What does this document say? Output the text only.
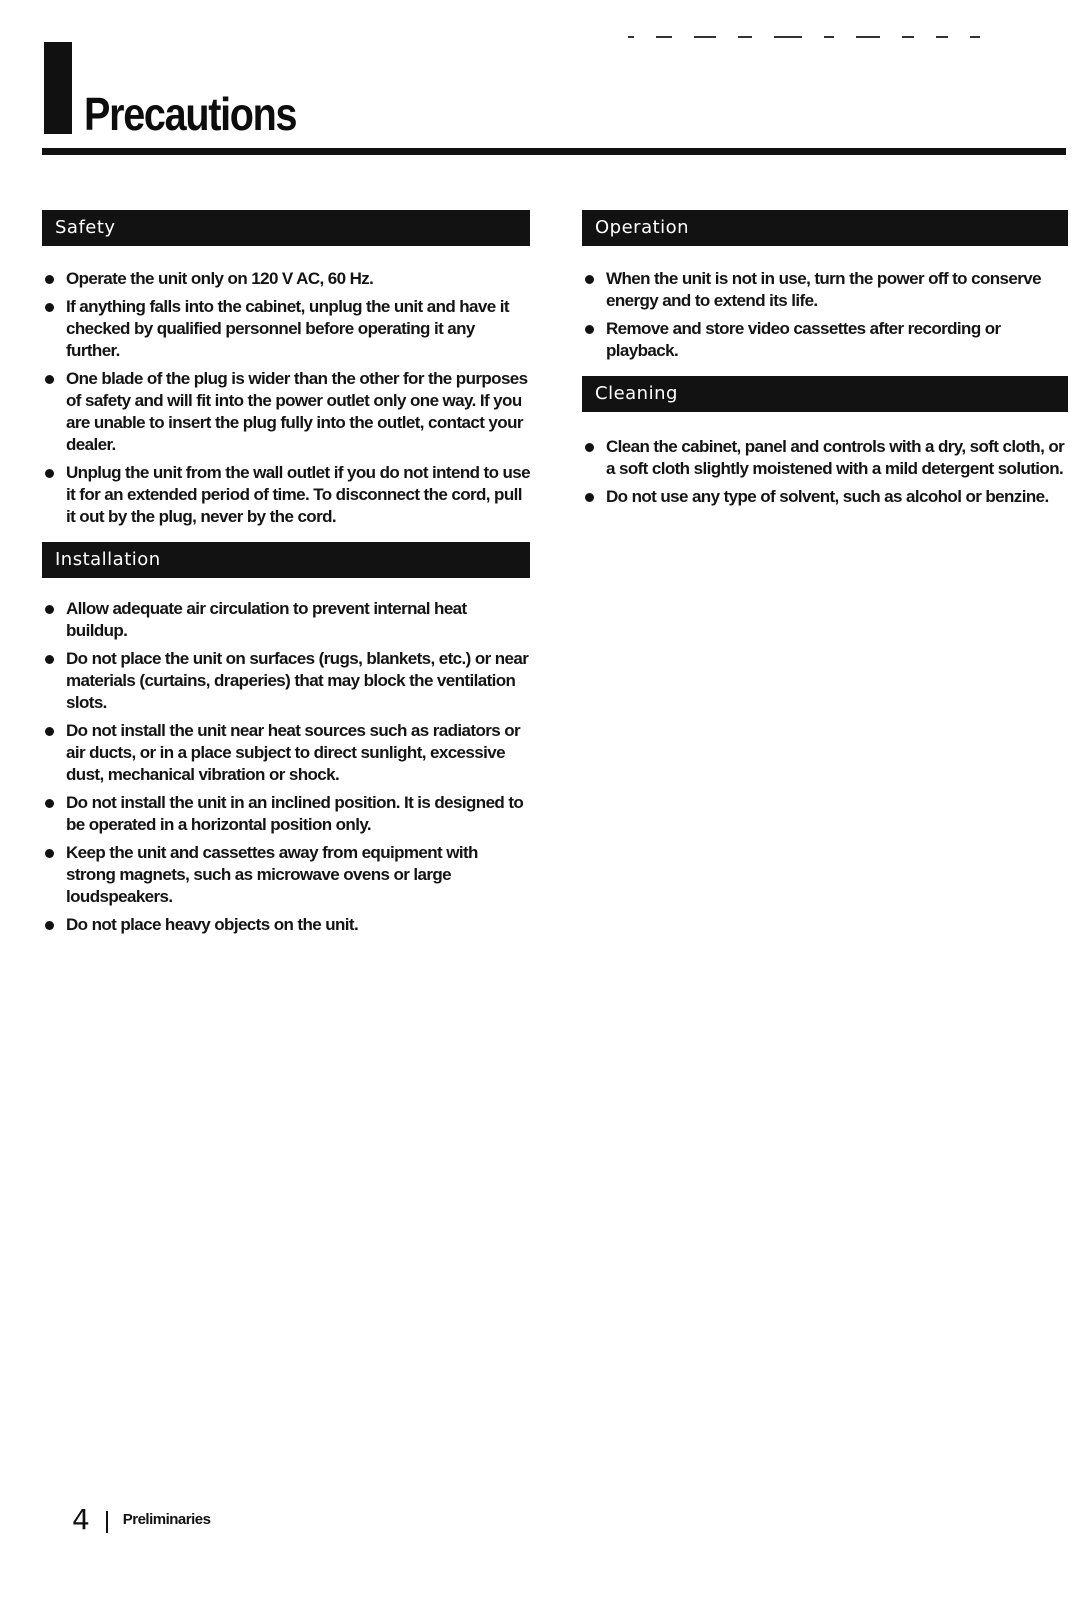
Precautions
Safety
Operate the unit only on 120 V AC, 60 Hz.
If anything falls into the cabinet, unplug the unit and have it checked by qualified personnel before operating it any further.
One blade of the plug is wider than the other for the purposes of safety and will fit into the power outlet only one way. If you are unable to insert the plug fully into the outlet, contact your dealer.
Unplug the unit from the wall outlet if you do not intend to use it for an extended period of time. To disconnect the cord, pull it out by the plug, never by the cord.
Installation
Allow adequate air circulation to prevent internal heat buildup.
Do not place the unit on surfaces (rugs, blankets, etc.) or near materials (curtains, draperies) that may block the ventilation slots.
Do not install the unit near heat sources such as radiators or air ducts, or in a place subject to direct sunlight, excessive dust, mechanical vibration or shock.
Do not install the unit in an inclined position. It is designed to be operated in a horizontal position only.
Keep the unit and cassettes away from equipment with strong magnets, such as microwave ovens or large loudspeakers.
Do not place heavy objects on the unit.
Operation
When the unit is not in use, turn the power off to conserve energy and to extend its life.
Remove and store video cassettes after recording or playback.
Cleaning
Clean the cabinet, panel and controls with a dry, soft cloth, or a soft cloth slightly moistened with a mild detergent solution.
Do not use any type of solvent, such as alcohol or benzine.
4 Preliminaries
